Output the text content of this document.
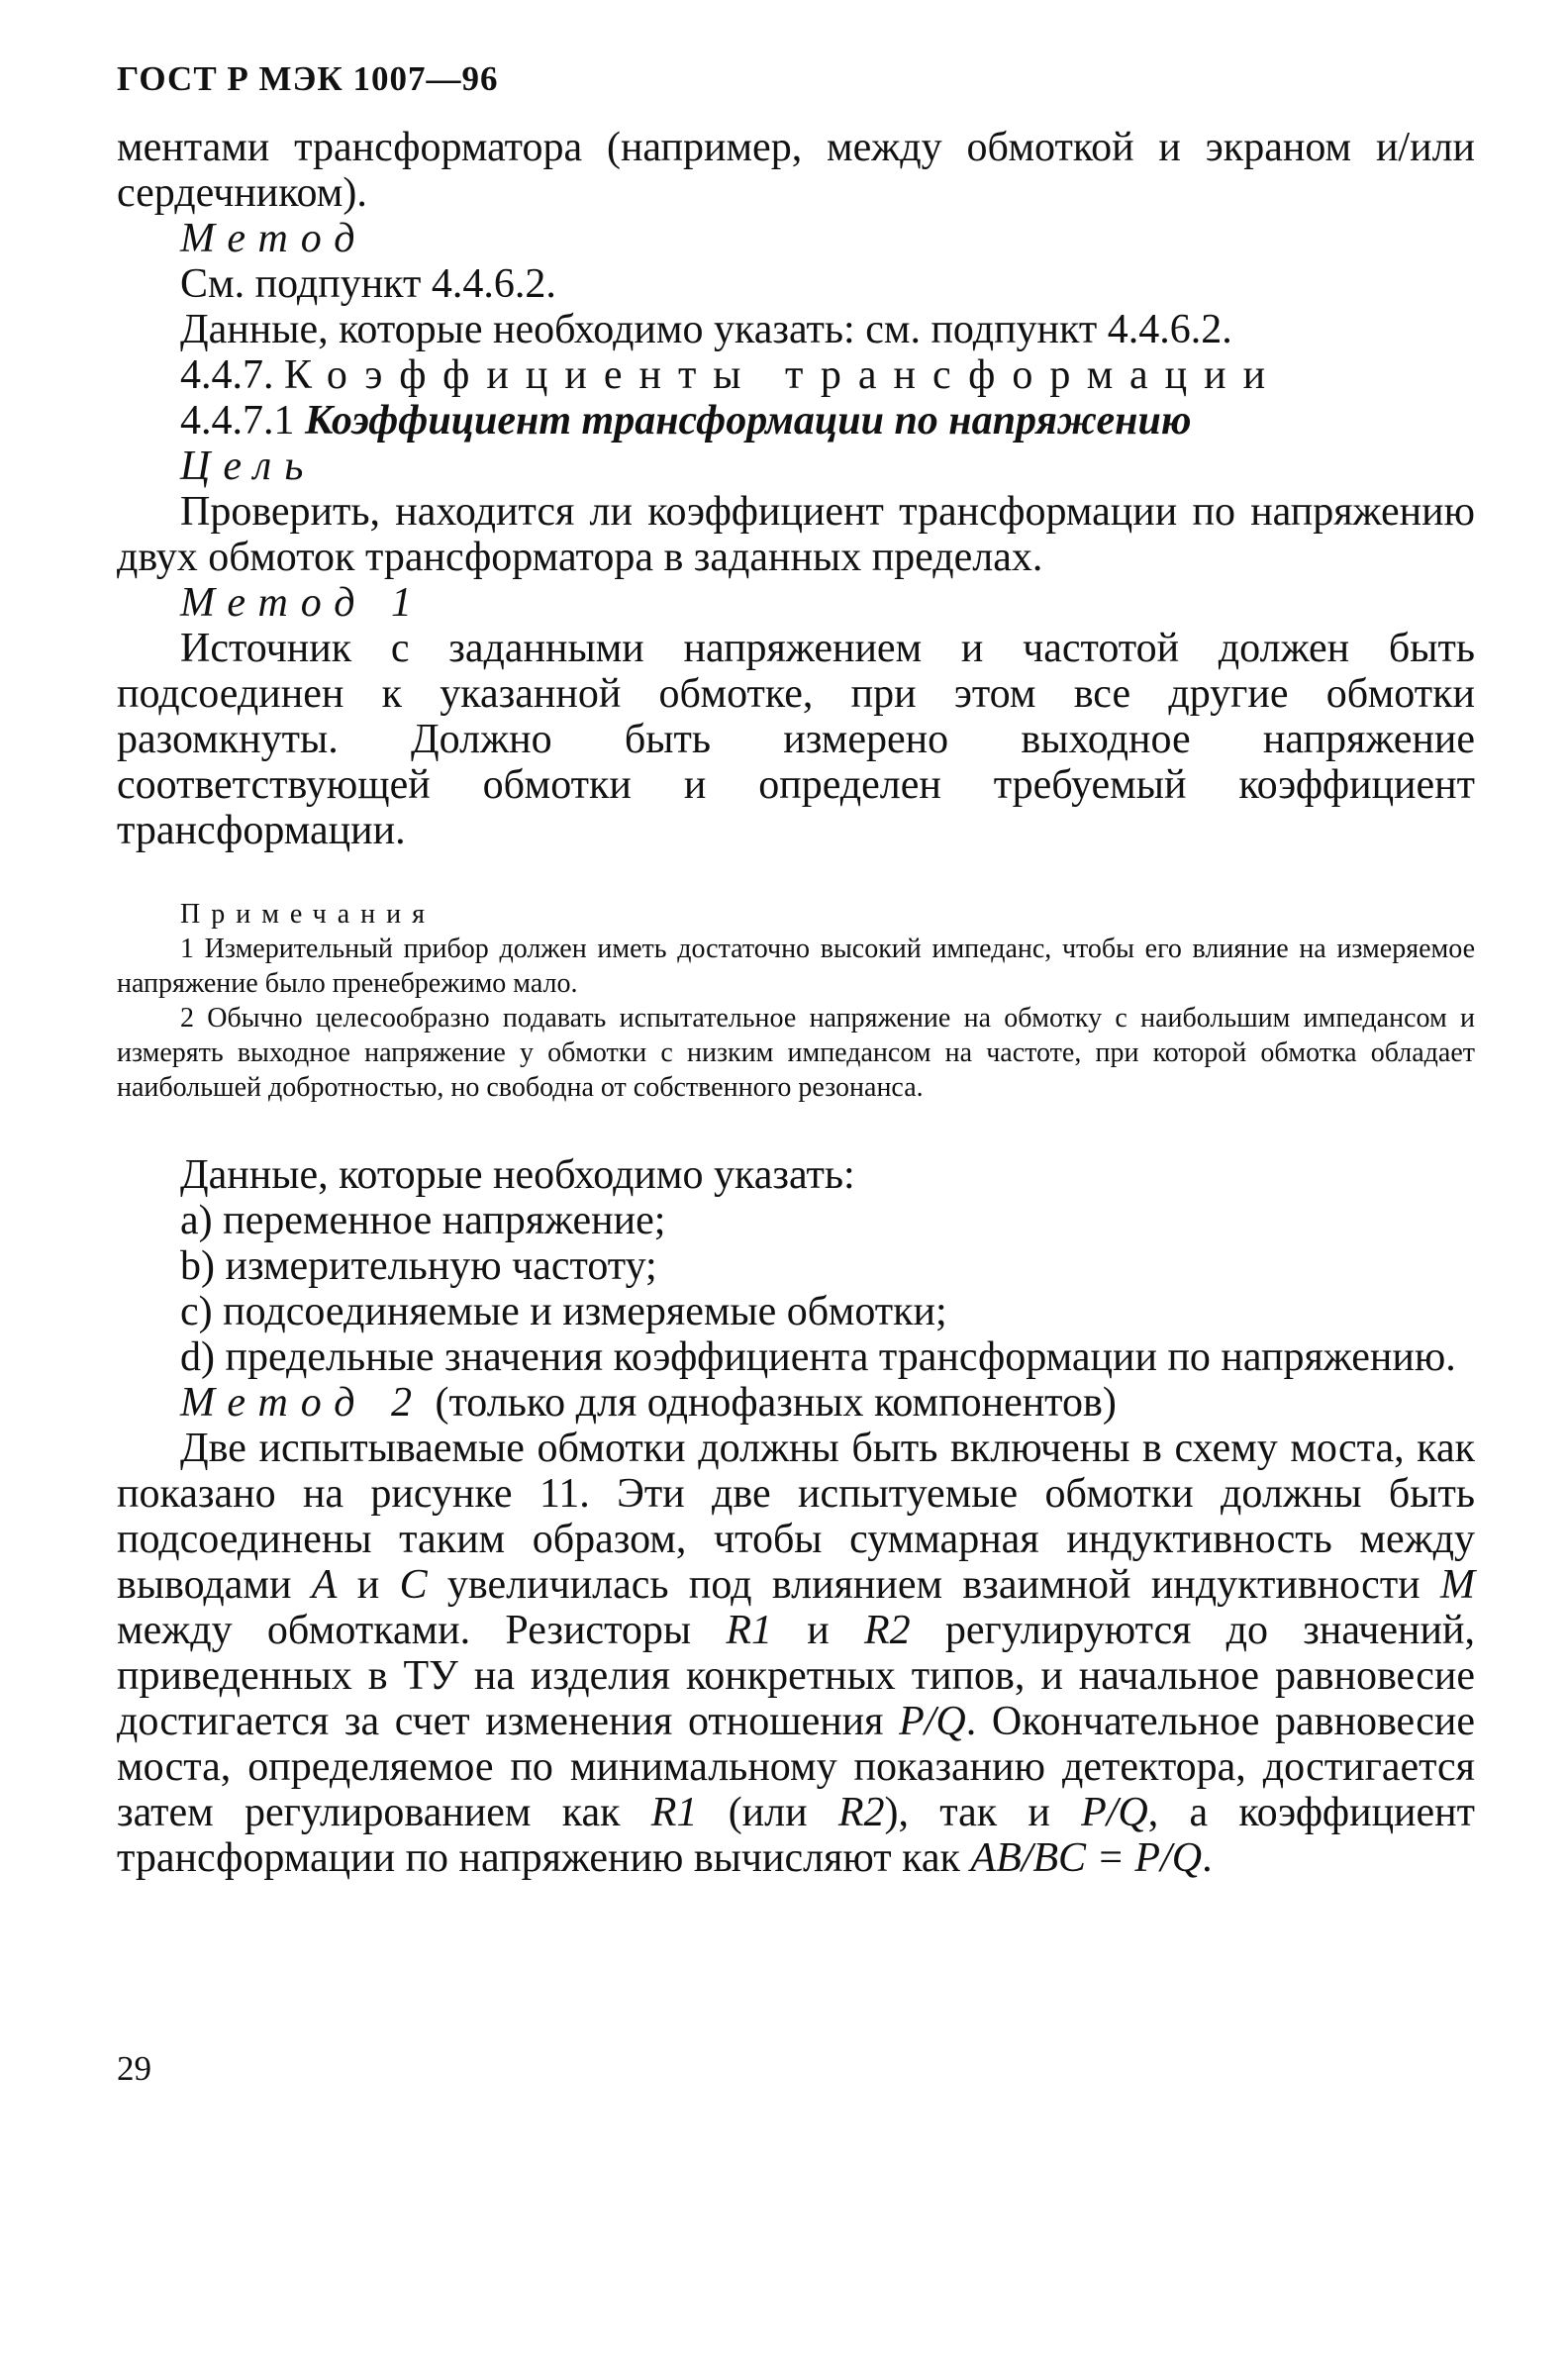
ГОСТ Р МЭК 1007—96

ментами трансформатора (например, между обмоткой и экраном и/или сердечником).

Метод

См. подпункт 4.4.6.2.

Данные, которые необходимо указать: см. подпункт 4.4.6.2.

4.4.7. Коэффициенты трансформации

4.4.7.1 Коэффициент трансформации по напряжению

Цель

Проверить, находится ли коэффициент трансформации по напряжению двух обмоток трансформатора в заданных пределах.

Метод 1

Источник с заданными напряжением и частотой должен быть подсоединен к указанной обмотке, при этом все другие обмотки разомкнуты. Должно быть измерено выходное напряжение соответствующей обмотки и определен требуемый коэффициент трансформации.

Примечания

1 Измерительный прибор должен иметь достаточно высокий импеданс, чтобы его влияние на измеряемое напряжение было пренебрежимо мало.

2 Обычно целесообразно подавать испытательное напряжение на обмотку с наибольшим импедансом и измерять выходное напряжение у обмотки с низким импедансом на частоте, при которой обмотка обладает наибольшей добротностью, но свободна от собственного резонанса.

Данные, которые необходимо указать:

a) переменное напряжение;

b) измерительную частоту;

c) подсоединяемые и измеряемые обмотки;

d) предельные значения коэффициента трансформации по напряжению.

Метод 2 (только для однофазных компонентов)

Две испытываемые обмотки должны быть включены в схему моста, как показано на рисунке 11. Эти две испытуемые обмотки должны быть подсоединены таким образом, чтобы суммарная индуктивность между выводами A и C увеличилась под влиянием взаимной индуктивности M между обмотками. Резисторы R1 и R2 регулируются до значений, приведенных в ТУ на изделия конкретных типов, и начальное равновесие достигается за счет изменения отношения P/Q. Окончательное равновесие моста, определяемое по минимальному показанию детектора, достигается затем регулированием как R1 (или R2), так и P/Q, а коэффициент трансформации по напряжению вычисляют как AB/BC = P/Q.

29
